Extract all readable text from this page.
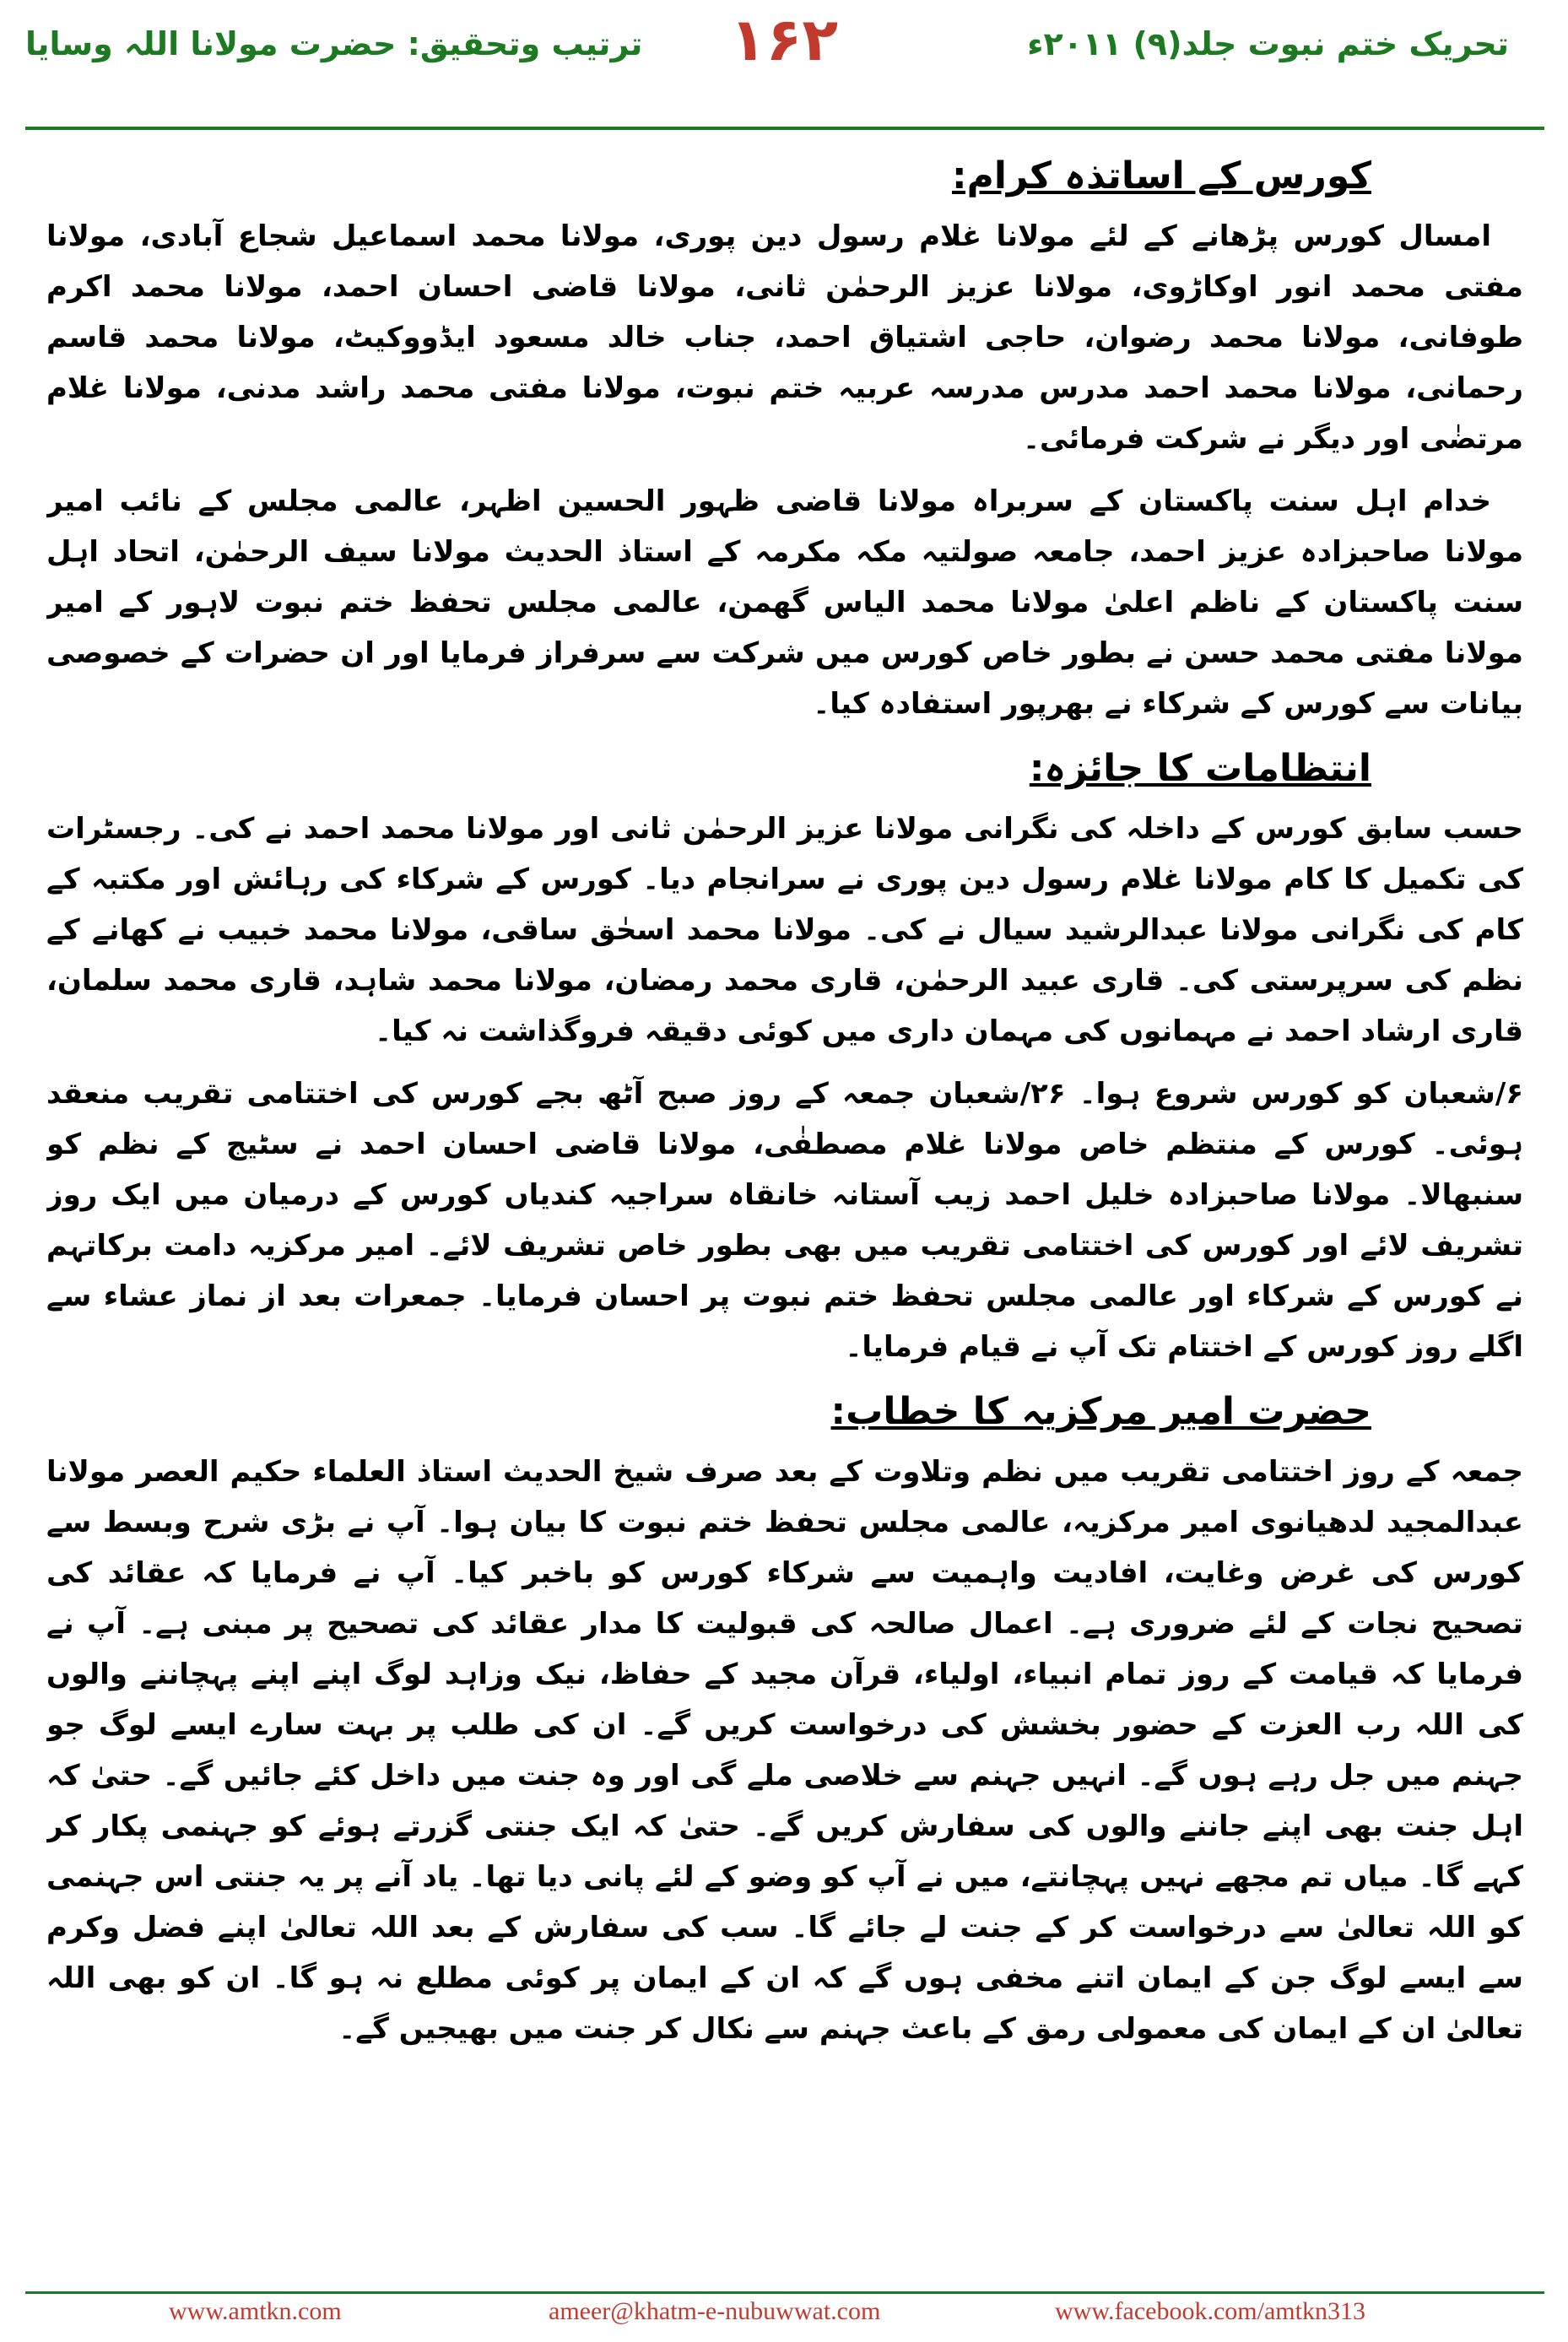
تحریک ختم نبوت جلد(۹) ۲۰۱۱ء
۱۶۲
ترتیب وتحقیق: حضرت مولانا اللہ وسایا
کورس کے اساتذہ کرام:
امسال کورس پڑھانے کے لئے مولانا غلام رسول دین پوری، مولانا محمد اسماعیل شجاع آبادی، مولانا مفتی محمد انور اوکاڑوی، مولانا عزیز الرحمٰن ثانی، مولانا قاضی احسان احمد، مولانا محمد اکرم طوفانی، مولانا محمد رضوان، حاجی اشتیاق احمد، جناب خالد مسعود ایڈووکیٹ، مولانا محمد قاسم رحمانی، مولانا محمد احمد مدرس مدرسہ عربیہ ختم نبوت، مولانا مفتی محمد راشد مدنی، مولانا غلام مرتضٰی اور دیگر نے شرکت فرمائی۔
خدام اہل سنت پاکستان کے سربراہ مولانا قاضی ظہور الحسین اظہر، عالمی مجلس کے نائب امیر مولانا صاحبزادہ عزیز احمد، جامعہ صولتیہ مکہ مکرمہ کے استاذ الحدیث مولانا سیف الرحمٰن، اتحاد اہل سنت پاکستان کے ناظم اعلیٰ مولانا محمد الیاس گھمن، عالمی مجلس تحفظ ختم نبوت لاہور کے امیر مولانا مفتی محمد حسن نے بطور خاص کورس میں شرکت سے سرفراز فرمایا اور ان حضرات کے خصوصی بیانات سے کورس کے شرکاء نے بھرپور استفادہ کیا۔
انتظامات کا جائزہ:
حسب سابق کورس کے داخلہ کی نگرانی مولانا عزیز الرحمٰن ثانی اور مولانا محمد احمد نے کی۔ رجسٹرات کی تکمیل کا کام مولانا غلام رسول دین پوری نے سرانجام دیا۔ کورس کے شرکاء کی رہائش اور مکتبہ کے کام کی نگرانی مولانا عبدالرشید سیال نے کی۔ مولانا محمد اسحٰق ساقی، مولانا محمد خبیب نے کھانے کے نظم کی سرپرستی کی۔ قاری عبید الرحمٰن، قاری محمد رمضان، مولانا محمد شاہد، قاری محمد سلمان، قاری ارشاد احمد نے مہمانوں کی مہمان داری میں کوئی دقیقہ فروگذاشت نہ کیا۔
۶/شعبان کو کورس شروع ہوا۔ ۲۶/شعبان جمعہ کے روز صبح آٹھ بجے کورس کی اختتامی تقریب منعقد ہوئی۔ کورس کے منتظم خاص مولانا غلام مصطفٰی، مولانا قاضی احسان احمد نے سٹیج کے نظم کو سنبھالا۔ مولانا صاحبزادہ خلیل احمد زیب آستانہ خانقاہ سراجیہ کندیاں کورس کے درمیان میں ایک روز تشریف لائے اور کورس کی اختتامی تقریب میں بھی بطور خاص تشریف لائے۔ امیر مرکزیہ دامت برکاتہم نے کورس کے شرکاء اور عالمی مجلس تحفظ ختم نبوت پر احسان فرمایا۔ جمعرات بعد از نماز عشاء سے اگلے روز کورس کے اختتام تک آپ نے قیام فرمایا۔
حضرت امیر مرکزیہ کا خطاب:
جمعہ کے روز اختتامی تقریب میں نظم وتلاوت کے بعد صرف شیخ الحدیث استاذ العلماء حکیم العصر مولانا عبدالمجید لدھیانوی امیر مرکزیہ، عالمی مجلس تحفظ ختم نبوت کا بیان ہوا۔ آپ نے بڑی شرح وبسط سے کورس کی غرض وغایت، افادیت واہمیت سے شرکاء کورس کو باخبر کیا۔ آپ نے فرمایا کہ عقائد کی تصحیح نجات کے لئے ضروری ہے۔ اعمال صالحہ کی قبولیت کا مدار عقائد کی تصحیح پر مبنی ہے۔ آپ نے فرمایا کہ قیامت کے روز تمام انبیاء، اولیاء، قرآن مجید کے حفاظ، نیک وزاہد لوگ اپنے اپنے پہچاننے والوں کی اللہ رب العزت کے حضور بخشش کی درخواست کریں گے۔ ان کی طلب پر بہت سارے ایسے لوگ جو جہنم میں جل رہے ہوں گے۔ انہیں جہنم سے خلاصی ملے گی اور وہ جنت میں داخل کئے جائیں گے۔ حتیٰ کہ اہل جنت بھی اپنے جاننے والوں کی سفارش کریں گے۔ حتیٰ کہ ایک جنتی گزرتے ہوئے کو جہنمی پکار کر کہے گا۔ میاں تم مجھے نہیں پہچانتے، میں نے آپ کو وضو کے لئے پانی دیا تھا۔ یاد آنے پر یہ جنتی اس جہنمی کو اللہ تعالیٰ سے درخواست کر کے جنت لے جائے گا۔ سب کی سفارش کے بعد اللہ تعالیٰ اپنے فضل وکرم سے ایسے لوگ جن کے ایمان اتنے مخفی ہوں گے کہ ان کے ایمان پر کوئی مطلع نہ ہو گا۔ ان کو بھی اللہ تعالیٰ ان کے ایمان کی معمولی رمق کے باعث جہنم سے نکال کر جنت میں بھیجیں گے۔
www.amtkn.com	ameer@khatm-e-nubuwwat.com	www.facebook.com/amtkn313
